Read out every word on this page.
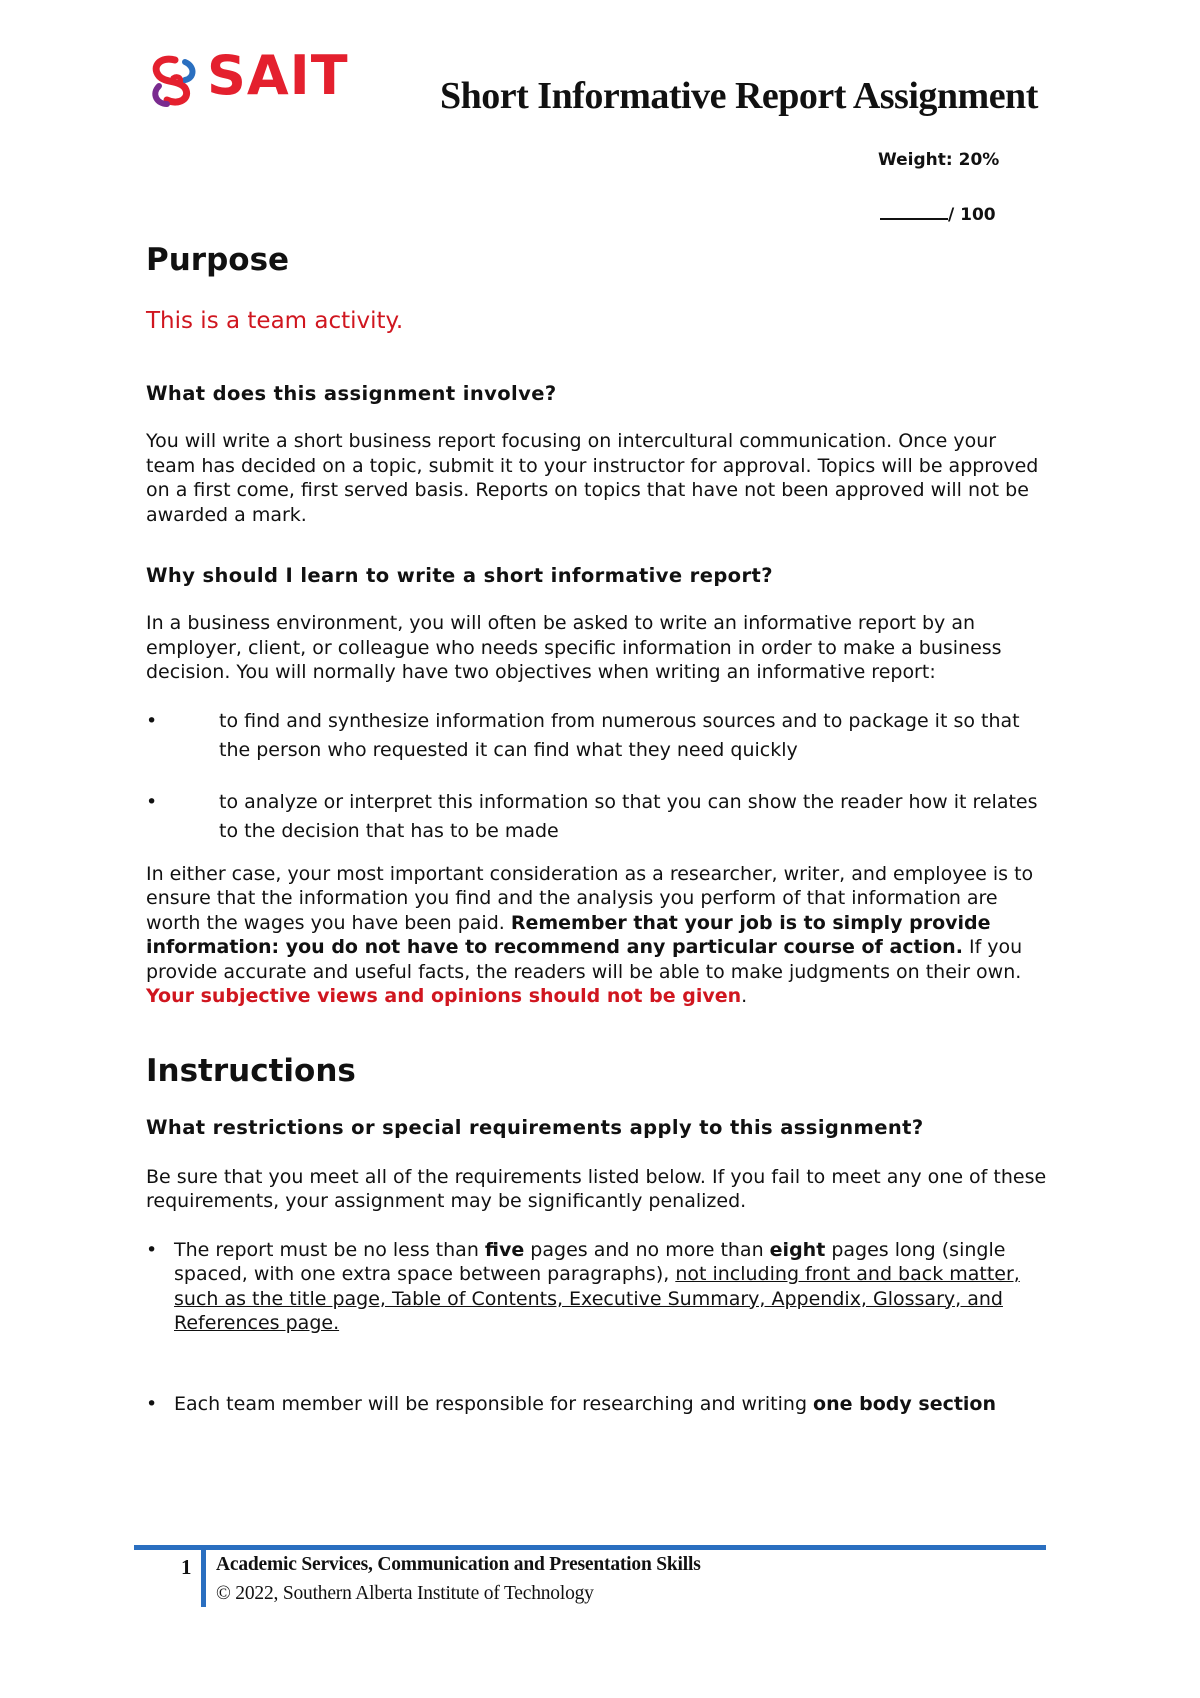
SAIT Short Informative Report Assignment
Weight: 20%
/ 100
Purpose

This is a team activity.

What does this assignment involve?

You will write a short business report focusing on intercultural communication. Once your team has decided on a topic, submit it to your instructor for approval. Topics will be approved on a first come, first served basis. Reports on topics that have not been approved will not be awarded a mark.

Why should I learn to write a short informative report?

In a business environment, you will often be asked to write an informative report by an employer, client, or colleague who needs specific information in order to make a business decision. You will normally have two objectives when writing an informative report:

•	to find and synthesize information from numerous sources and to package it so that the person who requested it can find what they need quickly
•	to analyze or interpret this information so that you can show the reader how it relates to the decision that has to be made

In either case, your most important consideration as a researcher, writer, and employee is to ensure that the information you find and the analysis you perform of that information are worth the wages you have been paid. Remember that your job is to simply provide information: you do not have to recommend any particular course of action. If you provide accurate and useful facts, the readers will be able to make judgments on their own. Your subjective views and opinions should not be given.

Instructions
What restrictions or special requirements apply to this assignment?

Be sure that you meet all of the requirements listed below. If you fail to meet any one of these requirements, your assignment may be significantly penalized.

• The report must be no less than five pages and no more than eight pages long (single spaced, with one extra space between paragraphs), not including front and back matter, such as the title page, Table of Contents, Executive Summary, Appendix, Glossary, and References page.
• Each team member will be responsible for researching and writing one body section
1 Academic Services, Communication and Presentation Skills
© 2022, Southern Alberta Institute of Technology
